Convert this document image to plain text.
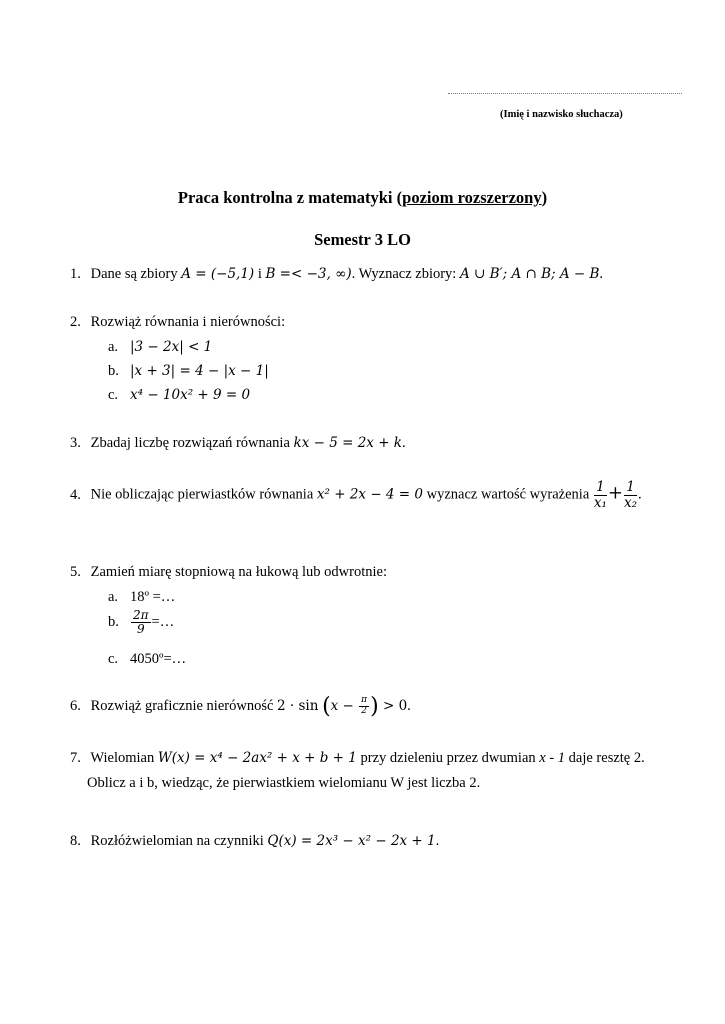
(Imię i nazwisko słuchacza)
Praca kontrolna z matematyki (poziom rozszerzony)
Semestr 3 LO
1. Dane są zbiory A = (−5,1) i B =< −3, ∞). Wyznacz zbiory: A ∪ B′; A ∩ B; A − B.
2. Rozwiąż równania i nierówności:
a. |3 − 2x| < 1
b. |x + 3| = 4 − |x − 1|
c. x⁴ − 10x² + 9 = 0
3. Zbadaj liczbę rozwiązań równania kx − 5 = 2x + k.
4. Nie obliczając pierwiastków równania x² + 2x − 4 = 0 wyznacz wartość wyrażenia $\frac{1}{\text{x₁}} + \frac{1}{\text{x₂}}$ .
5. Zamień miarę stopniową na łukową lub odwrotnie:
a. 18º =…
b. $\frac{2\pi}{9}$ =…
c. 4050º=…
6. Rozwiąż graficznie nierówność $2 \cdot \sin (x - \frac{\pi}{2}$ ) > 0.
7. Wielomian W(x) = x⁴ − 2ax² + x + b + 1 przy dzieleniu przez dwumian x - 1 daje resztę 2.
Oblicz a i b, wiedząc, że pierwiastkiem wielomianu W jest liczba 2.
8. Rozłóżwielomian na czynniki Q(x) = 2x³ − x² − 2x + 1.
